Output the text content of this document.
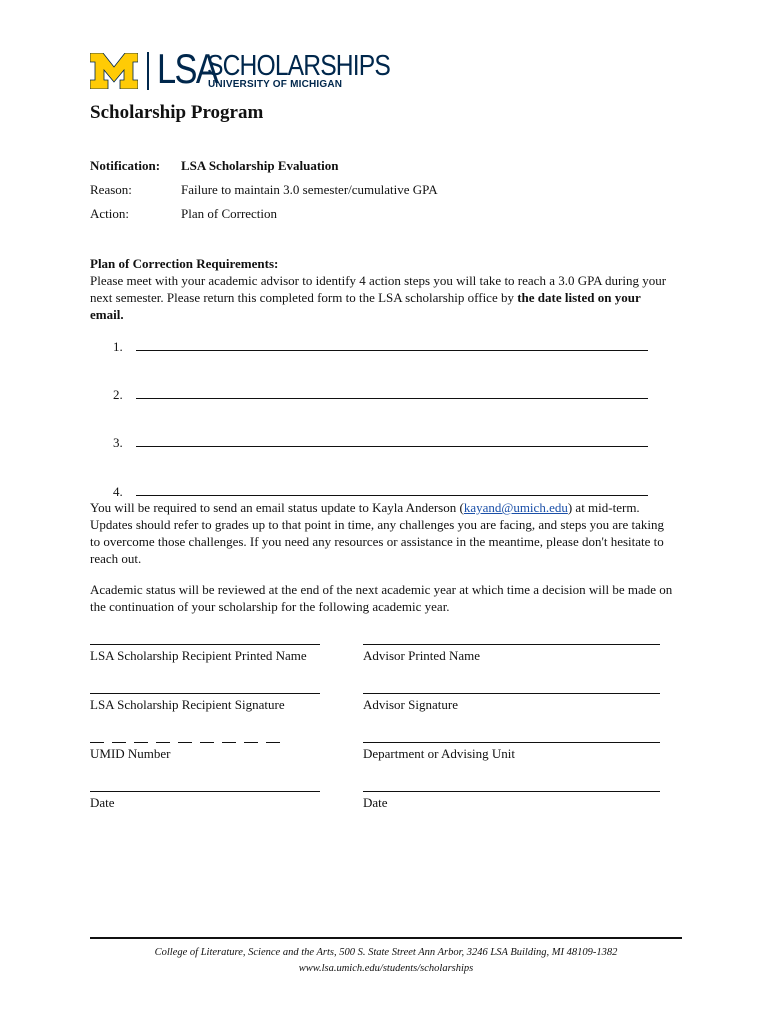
LSA
SCHOLARSHIPS
UNIVERSITY OF MICHIGAN
Scholarship Program
Notification: LSA Scholarship Evaluation
Reason:	Failure to maintain 3.0 semester/cumulative GPA
Action:	Plan of Correction
Plan of Correction Requirements:
Please meet with your academic advisor to identify 4 action steps you will take to reach a 3.0 GPA during your next semester. Please return this completed form to the LSA scholarship office by the date listed on your email.
1.
2.
3.
4.
You will be required to send an email status update to Kayla Anderson (kayand@umich.edu) at mid-term. Updates should refer to grades up to that point in time, any challenges you are facing, and steps you are taking to overcome those challenges. If you need any resources or assistance in the meantime, please don't hesitate to reach out.
Academic status will be reviewed at the end of the next academic year at which time a decision will be made on the continuation of your scholarship for the following academic year.
LSA Scholarship Recipient Printed Name	Advisor Printed Name
LSA Scholarship Recipient Signature	Advisor Signature
UMID Number	Department or Advising Unit
Date	Date
College of Literature, Science and the Arts, 500 S. State Street Ann Arbor, 3246 LSA Building, MI 48109-1382
www.lsa.umich.edu/students/scholarships
